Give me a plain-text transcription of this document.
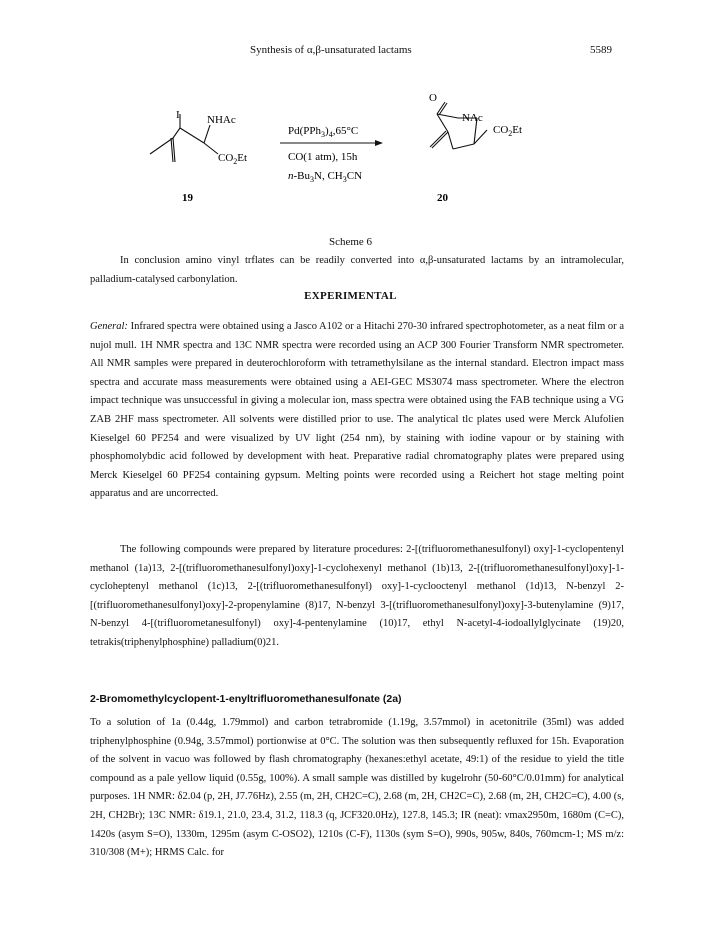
Synthesis of α,β-unsaturated lactams	5589
I NHAc
$CO_2Et$
19
$Pd(PPh_3)_4,65^\circ C$
CO(1 atm), 15h
$n-Bu_3N$, $CH_3CN$
O
NAc
$CO_2Et$
20
Scheme 6
In conclusion amino vinyl trflates can be readily converted into α,β-unsaturated lactams by an intramolecular, palladium-catalysed carbonylation.
EXPERIMENTAL
General: Infrared spectra were obtained using a Jasco A102 or a Hitachi 270-30 infrared spectrophotometer, as a neat film or a nujol mull. 1H NMR spectra and 13C NMR spectra were recorded using an ACP 300 Fourier Transform NMR spectrometer. All NMR samples were prepared in deuterochloroform with tetramethylsilane as the internal standard. Electron impact mass spectra and accurate mass measurements were obtained using a AEI-GEC MS3074 mass spectrometer. Where the electron impact technique was unsuccessful in giving a molecular ion, mass spectra were obtained using the FAB technique using a VG ZAB 2HF mass spectrometer. All solvents were distilled prior to use. The analytical tlc plates used were Merck Alufolien Kieselgel 60 PF254 and were visualized by UV light (254 nm), by staining with iodine vapour or by staining with phosphomolybdic acid followed by development with heat. Preparative radial chromatography plates were prepared using Merck Kieselgel 60 PF254 containing gypsum. Melting points were recorded using a Reichert hot stage melting point apparatus and are uncorrected.
The following compounds were prepared by literature procedures: 2-[(trifluoromethanesulfonyl) oxy]-1-cyclopentenyl methanol (1a)13, 2-[(trifluoromethanesulfonyl)oxy]-1-cyclohexenyl methanol (1b)13, 2-[(trifluoromethanesulfonyl)oxy]-1-cycloheptenyl methanol (1c)13, 2-[(trifluoromethanesulfonyl) oxy]-1-cyclooctenyl methanol (1d)13, N-benzyl 2-[(trifluoromethanesulfonyl)oxy]-2-propenylamine (8)17, N-benzyl 3-[(trifluoromethanesulfonyl)oxy]-3-butenylamine (9)17, N-benzyl 4-[(trifluorometanesulfonyl) oxy]-4-pentenylamine (10)17, ethyl N-acetyl-4-iodoallylglycinate (19)20, tetrakis(triphenylphosphine) palladium(0)21.
2-Bromomethylcyclopent-1-enyltrifluoromethanesulfonate (2a)
To a solution of 1a (0.44g, 1.79mmol) and carbon tetrabromide (1.19g, 3.57mmol) in acetonitrile (35ml) was added triphenylphosphine (0.94g, 3.57mmol) portionwise at 0°C. The solution was then subsequently refluxed for 15h. Evaporation of the solvent in vacuo was followed by flash chromatography (hexanes:ethyl acetate, 49:1) of the residue to yield the title compound as a pale yellow liquid (0.55g, 100%). A small sample was distilled by kugelrohr (50-60°C/0.01mm) for analytical purposes. 1H NMR: δ2.04 (p, 2H, J7.76Hz), 2.55 (m, 2H, CH2C=C), 2.68 (m, 2H, CH2C=C), 2.68 (m, 2H, CH2C=C), 4.00 (s, 2H, CH2Br); 13C NMR: δ19.1, 21.0, 23.4, 31.2, 118.3 (q, JCF320.0Hz), 127.8, 145.3; IR (neat): νmax2950m, 1680m (C=C), 1420s (asym S=O), 1330m, 1295m (asym C-OSO2), 1210s (C-F), 1130s (sym S=O), 990s, 905w, 840s, 760mcm-1; MS m/z: 310/308 (M+); HRMS Calc. for
